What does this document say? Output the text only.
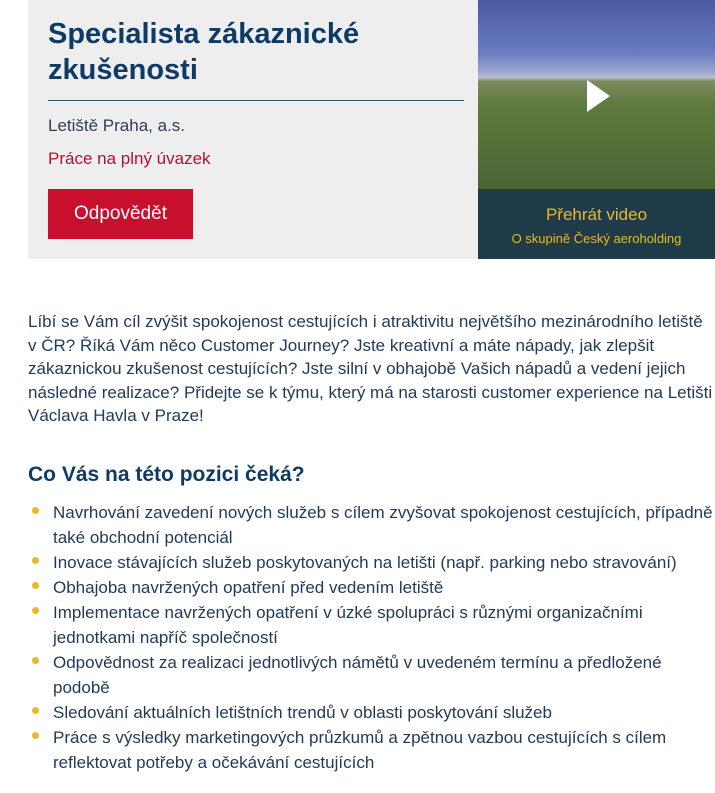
Specialista zákaznické zkušenosti
Letiště Praha, a.s.
Práce na plný úvazek
Odpovědět	Přehrát video
O skupině Český aeroholding

Líbí se Vám cíl zvýšit spokojenost cestujících i atraktivitu největšího mezinárodního letiště v ČR? Říká Vám něco Customer Journey? Jste kreativní a máte nápady, jak zlepšit zákaznickou zkušenost cestujících? Jste silní v obhajobě Vašich nápadů a vedení jejich následné realizace? Přidejte se k týmu, který má na starosti customer experience na Letišti Václava Havla v Praze!

Co Vás na této pozici čeká?
Navrhování zavedení nových služeb s cílem zvyšovat spokojenost cestujících, případně také obchodní potenciál
Inovace stávajících služeb poskytovaných na letišti (např. parking nebo stravování)
Obhajoba navržených opatření před vedením letiště
Implementace navržených opatření v úzké spolupráci s různými organizačními jednotkami napříč společností
Odpovědnost za realizaci jednotlivých námětů v uvedeném termínu a předložené podobě
Sledování aktuálních letištních trendů v oblasti poskytování služeb
Práce s výsledky marketingových průzkumů a zpětnou vazbou cestujících s cílem reflektovat potřeby a očekávání cestujících
